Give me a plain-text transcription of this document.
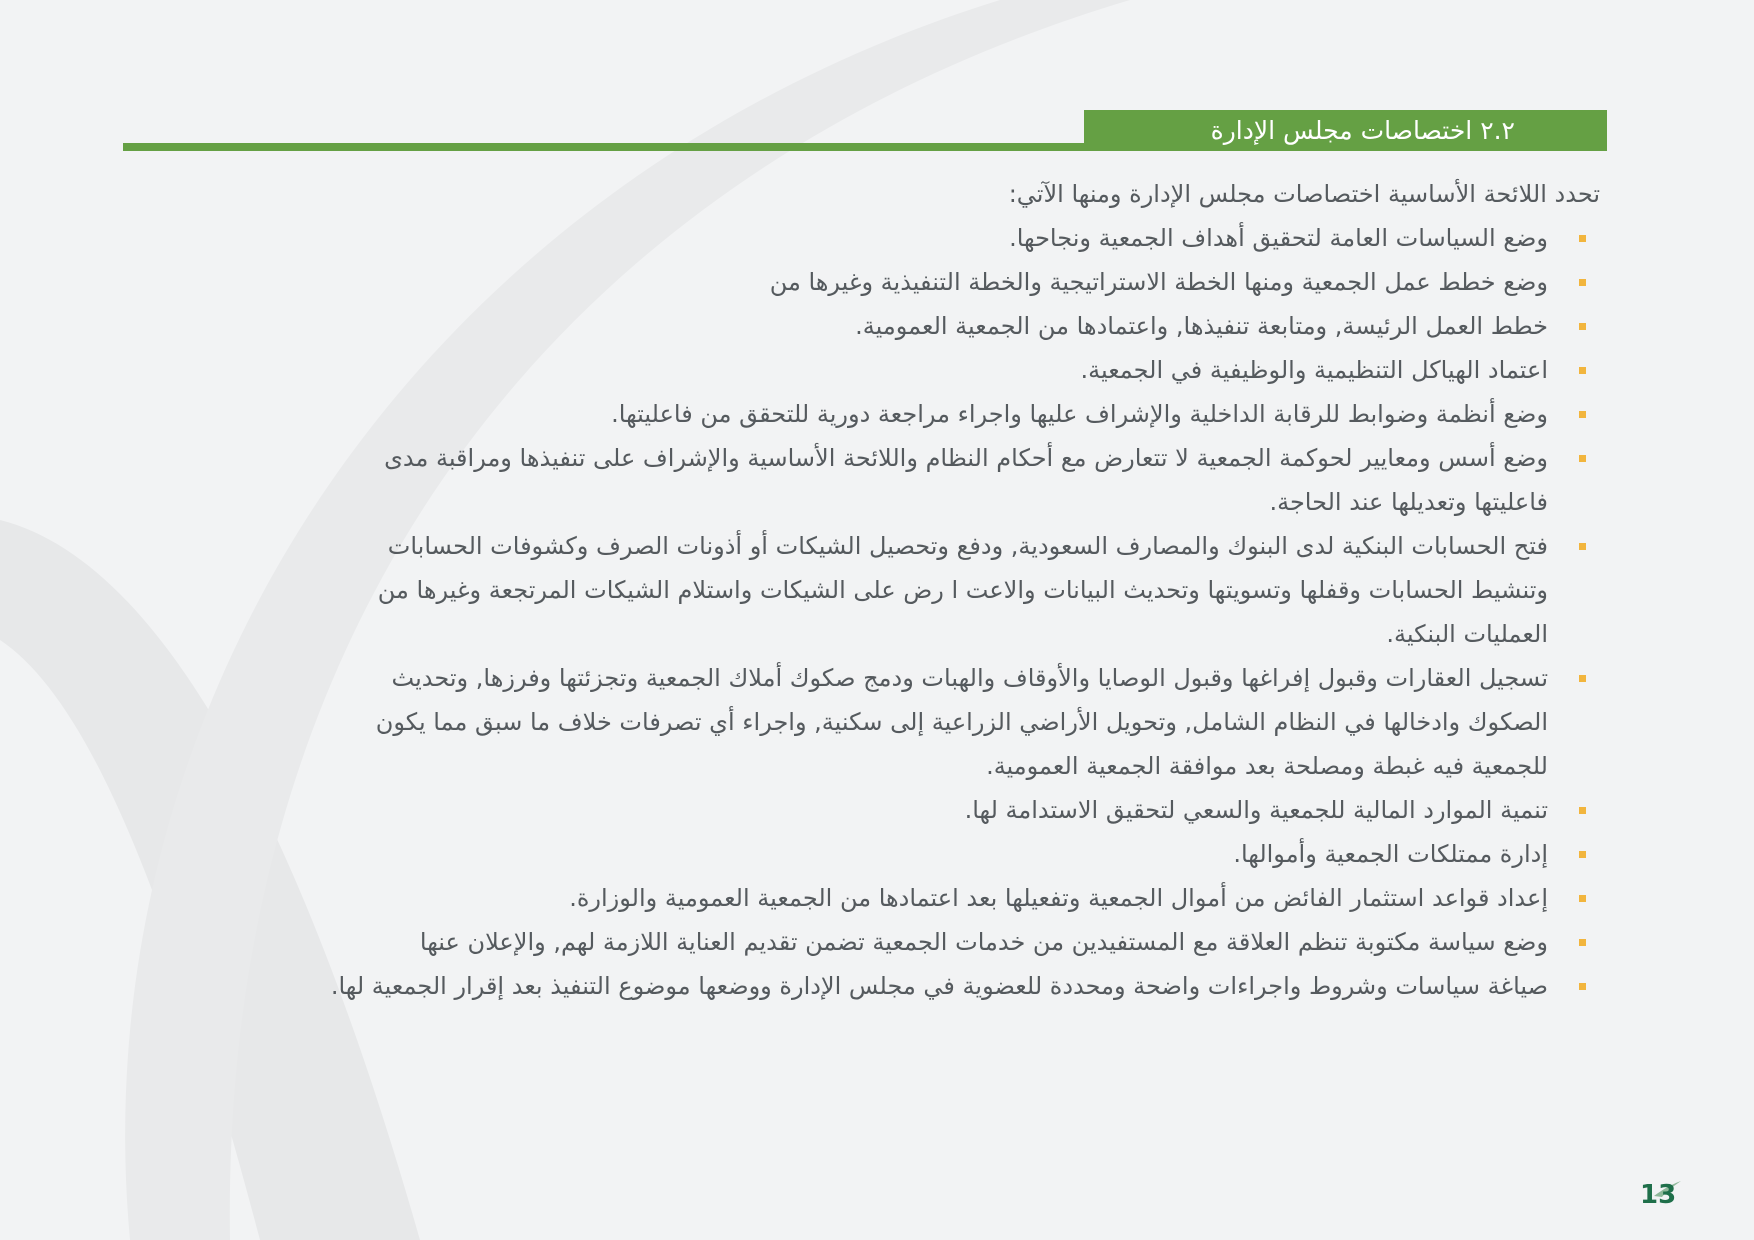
٢.٢ اختصاصات مجلس الإدارة

تحدد اللائحة الأساسية اختصاصات مجلس الإدارة ومنها الآتي:

وضع السياسات العامة لتحقيق أهداف الجمعية ونجاحها.
وضع خطط عمل الجمعية ومنها الخطة الاستراتيجية والخطة التنفيذية وغيرها من
خطط العمل الرئيسة, ومتابعة تنفيذها, واعتمادها من الجمعية العمومية.
اعتماد الهياكل التنظيمية والوظيفية في الجمعية.
وضع أنظمة وضوابط للرقابة الداخلية والإشراف عليها واجراء مراجعة دورية للتحقق من فاعليتها.
وضع أسس ومعايير لحوكمة الجمعية لا تتعارض مع أحكام النظام واللائحة الأساسية والإشراف على تنفيذها ومراقبة مدى
فاعليتها وتعديلها عند الحاجة.
فتح الحسابات البنكية لدى البنوك والمصارف السعودية, ودفع وتحصيل الشيكات أو أذونات الصرف وكشوفات الحسابات
وتنشيط الحسابات وقفلها وتسويتها وتحديث البيانات والاعت ا رض على الشيكات واستلام الشيكات المرتجعة وغيرها من
العمليات البنكية.
تسجيل العقارات وقبول إفراغها وقبول الوصايا والأوقاف والهبات ودمج صكوك أملاك الجمعية وتجزئتها وفرزها, وتحديث
الصكوك وادخالها في النظام الشامل, وتحويل الأراضي الزراعية إلى سكنية, واجراء أي تصرفات خلاف ما سبق مما يكون
للجمعية فيه غبطة ومصلحة بعد موافقة الجمعية العمومية.
تنمية الموارد المالية للجمعية والسعي لتحقيق الاستدامة لها.
إدارة ممتلكات الجمعية وأموالها.
إعداد قواعد استثمار الفائض من أموال الجمعية وتفعيلها بعد اعتمادها من الجمعية العمومية والوزارة.
وضع سياسة مكتوبة تنظم العلاقة مع المستفيدين من خدمات الجمعية تضمن تقديم العناية اللازمة لهم, والإعلان عنها
صياغة سياسات وشروط واجراءات واضحة ومحددة للعضوية في مجلس الإدارة ووضعها موضوع التنفيذ بعد إقرار الجمعية لها.
13
